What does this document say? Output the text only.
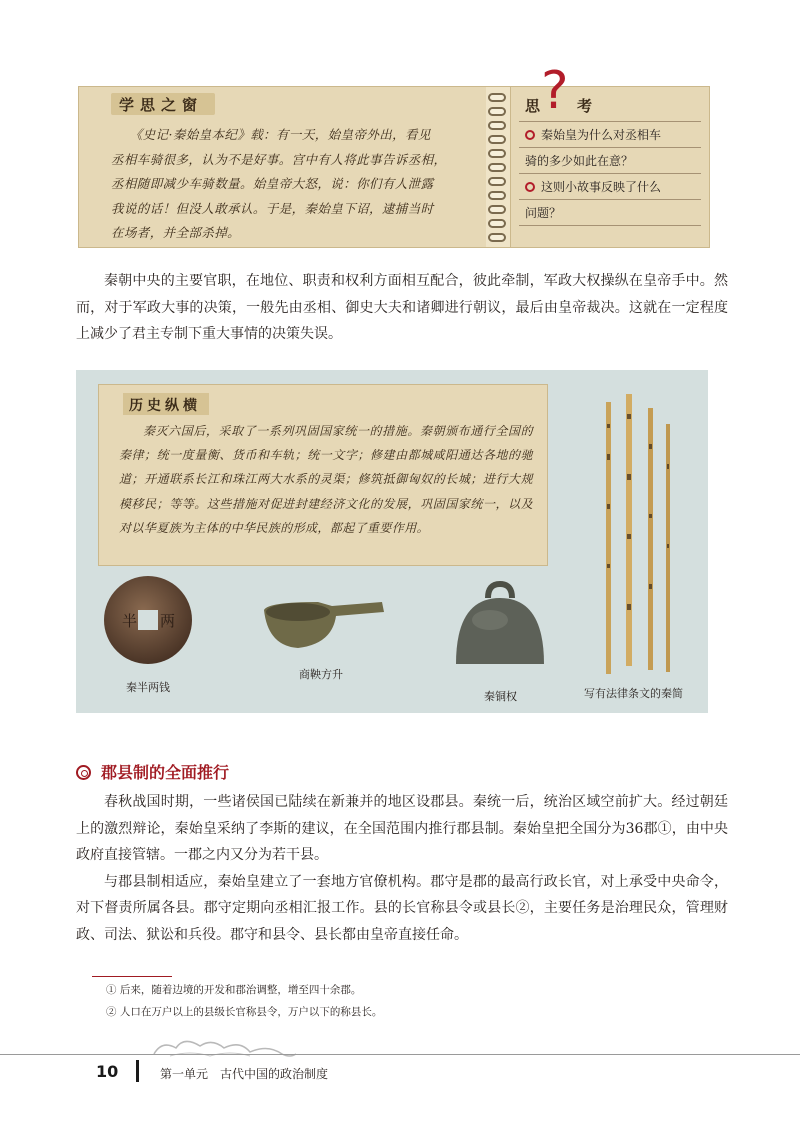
学思之窗
《史记·秦始皇本纪》载：有一天，始皇帝外出，看见
丞相车骑很多，认为不是好事。宫中有人将此事告诉丞相，
丞相随即减少车骑数量。始皇帝大怒，说：你们有人泄露
我说的话！但没人敢承认。于是，秦始皇下诏，逮捕当时
在场者，并全部杀掉。
思 ? 考
秦始皇为什么对丞相车
骑的多少如此在意？
这则小故事反映了什么
问题？

秦朝中央的主要官职，在地位、职责和权利方面相互配合，彼此牵制，军政大权操纵在皇帝手中。然而，对于军政大事的决策，一般先由丞相、御史大夫和诸卿进行朝议，最后由皇帝裁决。这就在一定程度上减少了君主专制下重大事情的决策失误。

历史纵横
秦灭六国后，采取了一系列巩固国家统一的措施。秦朝颁布通行全国的秦律；统一度量衡、货币和车轨；统一文字；修建由都城咸阳通达各地的驰道；开通联系长江和珠江两大水系的灵渠；修筑抵御匈奴的长城；进行大规模移民；等等。这些措施对促进封建经济文化的发展，巩固国家统一，以及对以华夏族为主体的中华民族的形成，都起了重要作用。
半 两
秦半两钱
商鞅方升
秦铜权	写有法律条文的秦简
郡县制的全面推行

春秋战国时期，一些诸侯国已陆续在新兼并的地区设郡县。秦统一后，统治区域空前扩大。经过朝廷上的激烈辩论，秦始皇采纳了李斯的建议，在全国范围内推行郡县制。秦始皇把全国分为36郡①，由中央政府直接管辖。一郡之内又分为若干县。

与郡县制相适应，秦始皇建立了一套地方官僚机构。郡守是郡的最高行政长官，对上承受中央命令，对下督责所属各县。郡守定期向丞相汇报工作。县的长官称县令或县长②，主要任务是治理民众，管理财政、司法、狱讼和兵役。郡守和县令、县长都由皇帝直接任命。

① 后来，随着边境的开发和郡治调整，增至四十余郡。
② 人口在万户以上的县级长官称县令，万户以下的称县长。
10	第一单元　古代中国的政治制度
